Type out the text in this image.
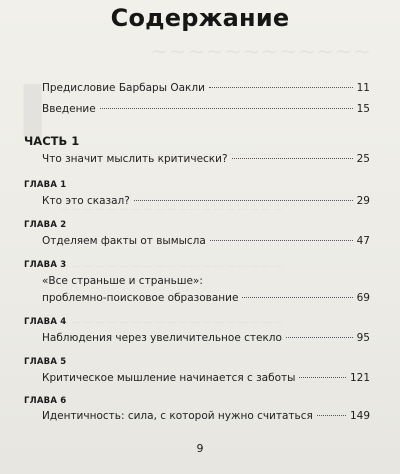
Содержание
Предисловие Барбары Оакли	11
Введение	15
ЧАСТЬ 1
Что значит мыслить критически?	25
ГЛАВА 1
Кто это сказал?	29
ГЛАВА 2
Отделяем факты от вымысла	47
ГЛАВА 3
«Все страньше и страньше»:
проблемно-поисковое образование	69
ГЛАВА 4
Наблюдения через увеличительное стекло	95
ГЛАВА 5
Критическое мышление начинается с заботы	121
ГЛАВА 6
Идентичность: сила, с которой нужно считаться	149
9
